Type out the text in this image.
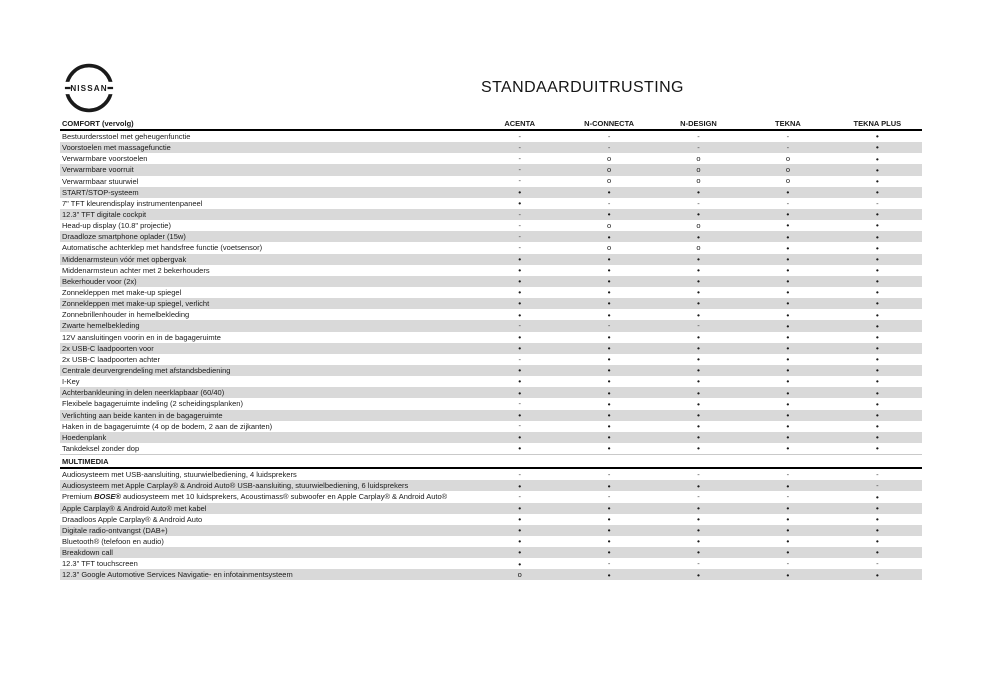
NISSAN	STANDAARDUITRUSTING
COMFORT (vervolg)	ACENTA	N-CONNECTA	N-DESIGN	TEKNA	TEKNA PLUS
Bestuurdersstoel met geheugenfunctie	-	-	-	-	•
Voorstoelen met massagefunctie	-	-	-	-	•
Verwarmbare voorstoelen	-	o	o	o	•
Verwarmbare voorruit	-	o	o	o	•
Verwarmbaar stuurwiel	-	o	o	o	•
START/STOP-systeem	•	•	•	•	•
7" TFT kleurendisplay instrumentenpaneel	•	-	-	-	-
12.3" TFT digitale cockpit	-	•	•	•	•
Head-up display (10.8" projectie)	-	o	o	•	•
Draadloze smartphone oplader (15w)	-	•	•	•	•
Automatische achterklep met handsfree functie (voetsensor)	-	o	o	•	•
Middenarmsteun vóór met opbergvak	•	•	•	•	•
Middenarmsteun achter met 2 bekerhouders	•	•	•	•	•
Bekerhouder voor (2x)	•	•	•	•	•
Zonnekleppen met make-up spiegel	•	•	•	•	•
Zonnekleppen met make-up spiegel, verlicht	•	•	•	•	•
Zonnebrillenhouder in hemelbekleding	•	•	•	•	•
Zwarte hemelbekleding	-	-	-	•	•
12V aansluitingen voorin en in de bagageruimte	•	•	•	•	•
2x USB-C laadpoorten voor	•	•	•	•	•
2x USB-C laadpoorten achter	-	•	•	•	•
Centrale deurvergrendeling met afstandsbediening	•	•	•	•	•
I-Key	•	•	•	•	•
Achterbankleuning in delen neerklapbaar (60/40)	•	•	•	•	•
Flexibele bagageruimte indeling (2 scheidingsplanken)	-	•	•	•	•
Verlichting aan beide kanten in de bagageruimte	•	•	•	•	•
Haken in de bagageruimte (4 op de bodem, 2 aan de zijkanten)	-	•	•	•	•
Hoedenplank	•	•	•	•	•
Tankdeksel zonder dop	•	•	•	•	•
MULTIMEDIA
Audiosysteem met USB-aansluiting, stuurwielbediening, 4 luidsprekers	-	-	-	-	-
Audiosysteem met Apple Carplay® & Android Auto® USB-aansluiting, stuurwielbediening, 6 luidsprekers	•	•	•	•	-
Premium BOSE® audiosysteem met 10 luidsprekers, Acoustimass® subwoofer en Apple Carplay® & Android Auto®	-	-	-	-	•
Apple Carplay® & Android Auto® met kabel	•	•	•	•	•
Draadloos Apple Carplay® & Android Auto	•	•	•	•	•
Digitale radio-ontvangst (DAB+)	•	•	•	•	•
Bluetooth® (telefoon en audio)	•	•	•	•	•
Breakdown call	•	•	•	•	•
12.3" TFT touchscreen	•	-	-	-	-
12.3" Google Automotive Services Navigatie- en infotainmentsysteem	o	•	•	•	•
